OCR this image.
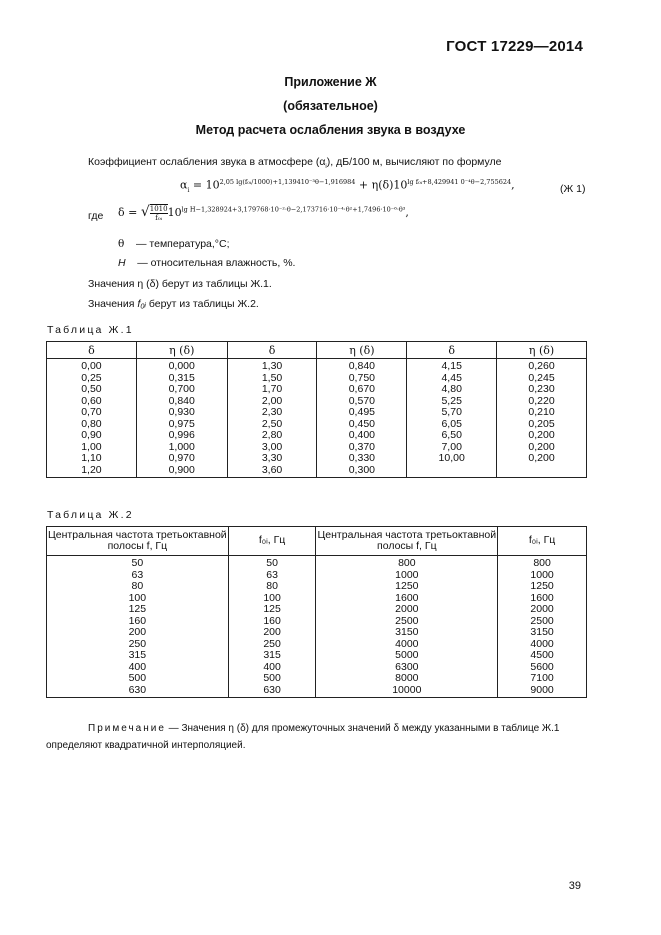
ГОСТ 17229—2014
Приложение Ж
(обязательное)
Метод расчета ослабления звука в воздухе
Коэффициент ослабления звука в атмосфере $(\alpha_i)$, дБ/100 м, вычисляют по формуле
$\alpha_i = 10^{2,05 lg(f_0ᵢ/1000)+1,139410^{-3}\theta-1,916984} + \eta(\delta)10^{lg f_0ᵢ+8,429941 0^{-4}\theta-2,755624}$,	(Ж 1)
где δ = √ $\frac{1010}{\text{f₀ᵢ}} 10^{lg H-1,328924+3,179768\cdot 10^{-2}\cdot\theta-2,173716\cdot 10^{-4}\cdot\theta^2+1,7496\cdot 10^{-6}\cdot\theta^3}$,
θ — температура,°С;
H — относительная влажность, %.
Значения η (δ) берут из таблицы Ж.1.
Значения f₀ᵢ берут из таблицы Ж.2.
Таблица Ж.1
δ	η (δ)	δ	η (δ)	δ	η (δ)
0,00	0,000	1,30	0,840	4,15	0,260
0,25	0,315	1,50	0,750	4,45	0,245
0,50	0,700	1,70	0,670	4,80	0,230
0,60	0,840	2,00	0,570	5,25	0,220
0,70	0,930	2,30	0,495	5,70	0,210
0,80	0,975	2,50	0,450	6,05	0,205
0,90	0,996	2,80	0,400	6,50	0,200
1,00	1,000	3,00	0,370	7,00	0,200
1,10	0,970	3,30	0,330	10,00	0,200
1,20	0,900	3,60	0,300		
Таблица Ж.2
Центральная частота третьоктавной полосы f, Гц	f₀ᵢ, Гц	Центральная частота третьоктавной полосы f, Гц	f₀ᵢ, Гц
50	50	800	800
63	63	1000	1000
80	80	1250	1250
100	100	1600	1600
125	125	2000	2000
160	160	2500	2500
200	200	3150	3150
250	250	4000	4000
315	315	5000	4500
400	400	6300	5600
500	500	8000	7100
630	630	10000	9000
Примечание — Значения η (δ) для промежуточных значений δ между указанными в таблице Ж.1
определяют квадратичной интерполяцией.
39
